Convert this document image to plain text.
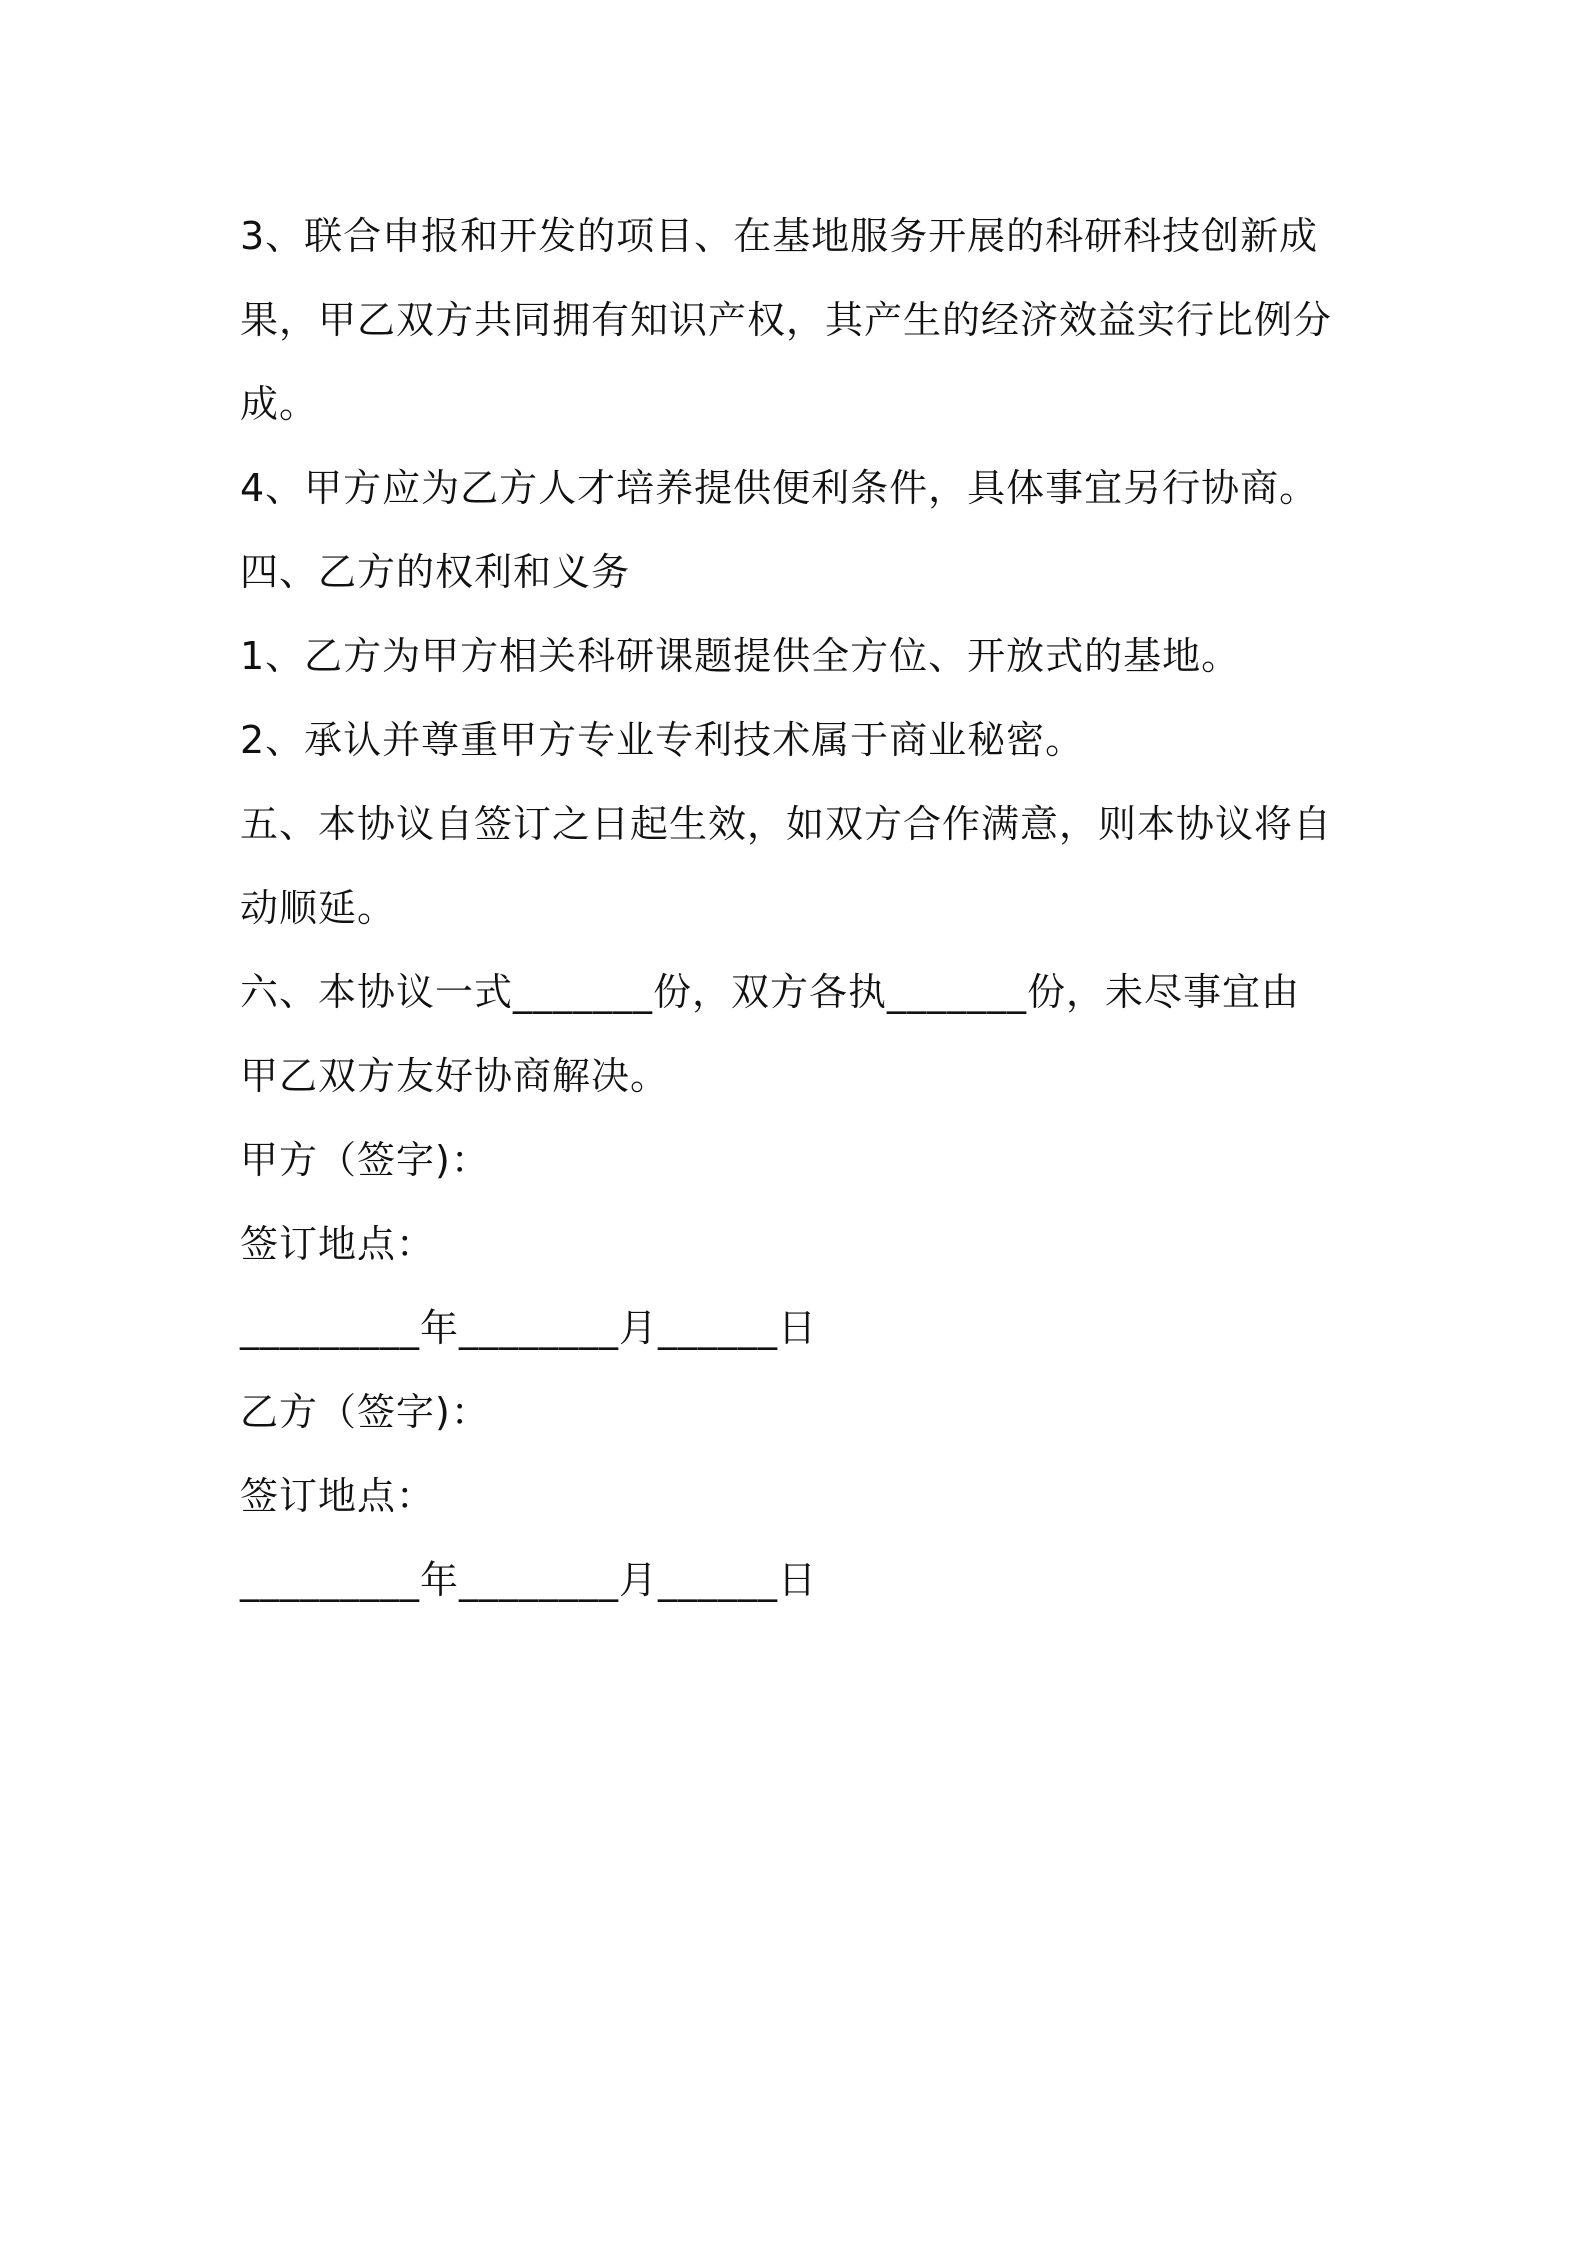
3、联合申报和开发的项目、在基地服务开展的科研科技创新成
果，甲乙双方共同拥有知识产权，其产生的经济效益实行比例分
成。
4、甲方应为乙方人才培养提供便利条件，具体事宜另行协商。
四、乙方的权利和义务
1、乙方为甲方相关科研课题提供全方位、开放式的基地。
2、承认并尊重甲方专业专利技术属于商业秘密。
五、本协议自签订之日起生效，如双方合作满意，则本协议将自
动顺延。
六、本协议一式_______份，双方各执_______份，未尽事宜由
甲乙双方友好协商解决。
甲方（签字)：
签订地点：
_________年________月______日
乙方（签字)：
签订地点：
_________年________月______日
